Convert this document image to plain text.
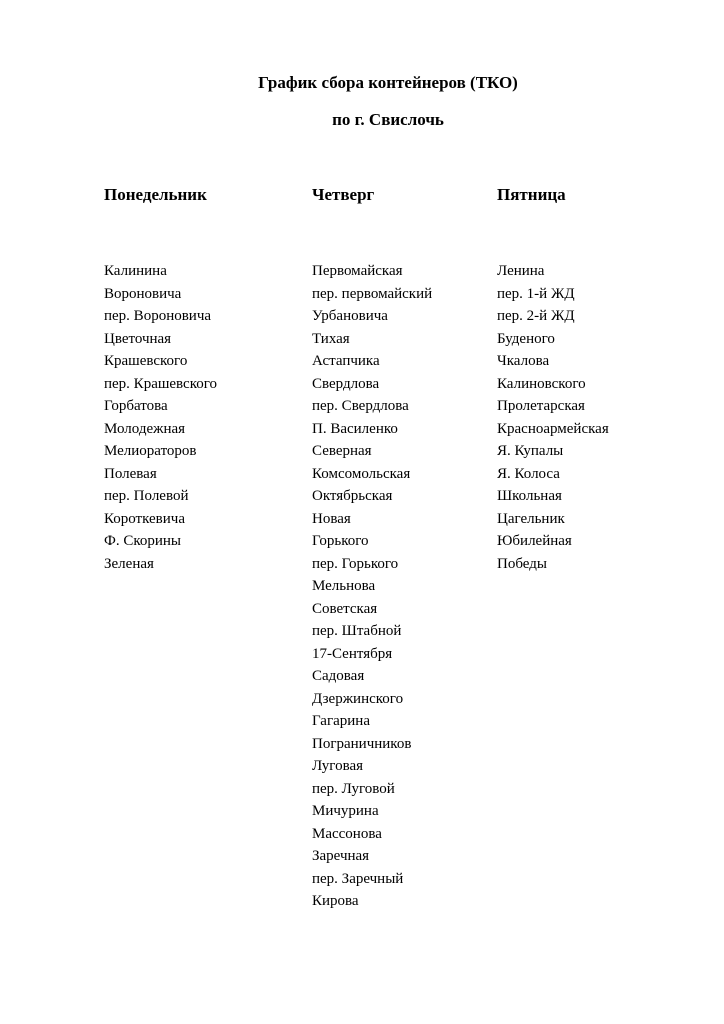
График сбора контейнеров (ТКО)
по г. Свислочь
Понедельник
Калинина
Вороновича
пер. Вороновича
Цветочная
Крашевского
пер. Крашевского
Горбатова
Молодежная
Мелиораторов
Полевая
пер. Полевой
Короткевича
Ф. Скорины
Зеленая
Четверг
Первомайская
пер. первомайский
Урбановича
Тихая
Астапчика
Свердлова
пер. Свердлова
П. Василенко
Северная
Комсомольская
Октябрьская
Новая
Горького
пер. Горького
Мельнова
Советская
пер. Штабной
17-Сентября
Садовая
Дзержинского
Гагарина
Пограничников
Луговая
пер. Луговой
Мичурина
Массонова
Заречная
пер. Заречный
Кирова
Пятница
Ленина
пер. 1-й ЖД
пер. 2-й ЖД
Буденого
Чкалова
Калиновского
Пролетарская
Красноармейская
Я. Купалы
Я. Колоса
Школьная
Цагельник
Юбилейная
Победы
